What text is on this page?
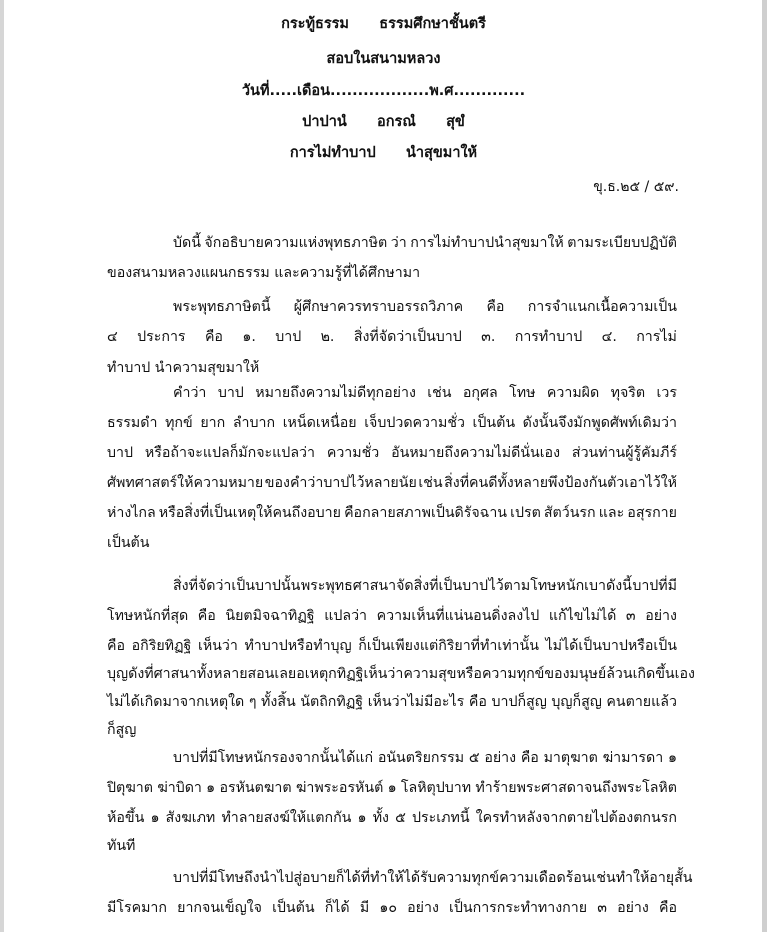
กระทู้ธรรม      ธรรมศึกษาชั้นตรี
สอบในสนามหลวง
วันที่.....เดือน..................พ.ศ.............
ปาปานํ      อกรณํ      สุขํ
การไม่ทำบาป      นำสุขมาให้
ขุ.ธ.๒๕ / ๕๙.
บัดนี้ จักอธิบายความแห่งพุทธภาษิต ว่า การไม่ทำบาปนำสุขมาให้ ตามระเบียบปฏิบัติ
ของสนามหลวงแผนกธรรม และความรู้ที่ได้ศึกษามา
พระพุทธภาษิตนี้ ผู้ศึกษาควรทราบอรรถวิภาค คือ การจำแนกเนื้อความเป็น
๔ ประการ คือ ๑. บาป ๒. สิ่งที่จัดว่าเป็นบาป ๓. การทำบาป ๔. การไม่
ทำบาป นำความสุขมาให้
คำว่า บาป หมายถึงความไม่ดีทุกอย่าง เช่น อกุศล โทษ ความผิด ทุจริต เวร
ธรรมดำ ทุกข์ ยาก ลำบาก เหน็ดเหนื่อย เจ็บปวดความชั่ว เป็นต้น ดังนั้นจึงมักพูดศัพท์เดิมว่า
บาป หรือถ้าจะแปลก็มักจะแปลว่า ความชั่ว อันหมายถึงความไม่ดีนั่นเอง ส่วนท่านผู้รู้คัมภีร์
ศัพทศาสตร์ให้ความหมาย ของคำว่าบาปไว้หลายนัย เช่น สิ่งที่คนดีทั้งหลายพึงป้องกันตัวเอาไว้ให้
ห่างไกล หรือสิ่งที่เป็นเหตุให้คนถึงอบาย คือกลายสภาพเป็นดิรัจฉาน เปรต สัตว์นรก และ อสุรกาย
เป็นต้น
สิ่งที่จัดว่าเป็นบาปนั้น พระพุทธศาสนาจัดสิ่งที่เป็นบาป ไว้ตามโทษหนักเบาดังนี้ บาปที่มี
โทษหนักที่สุด คือ นิยตมิจฉาทิฏฐิ แปลว่า ความเห็นที่แน่นอนดิ่งลงไป แก้ไขไม่ได้ ๓ อย่าง
คือ อกิริยทิฏฐิ เห็นว่า ทำบาปหรือทำบุญ ก็เป็นเพียงแต่กิริยาที่ทำเท่านั้น ไม่ได้เป็นบาปหรือเป็น
บุญ ดังที่ศาสนาทั้งหลายสอนเลย อเหตุกทิฏฐิ เห็นว่าความสุขหรือความทุกข์ของมนุษย์ล้วนเกิดขึ้นเอง
ไม่ได้เกิดมาจากเหตุใด ๆ ทั้งสิ้น นัตถิกทิฏฐิ เห็นว่าไม่มีอะไร คือ บาปก็สูญ บุญก็สูญ คนตายแล้ว
ก็สูญ
บาปที่มีโทษหนักรองจากนั้นได้แก่ อนันตริยกรรม ๕ อย่าง คือ มาตุฆาต ฆ่ามารดา ๑
ปิตุฆาต ฆ่าบิดา ๑ อรหันตฆาต ฆ่าพระอรหันต์ ๑ โลหิตุปบาท ทำร้ายพระศาสดาจนถึงพระโลหิต
ห้อขึ้น ๑ สังฆเภท ทำลายสงฆ์ให้แตกกัน ๑ ทั้ง ๕ ประเภทนี้ ใครทำหลังจากตายไปต้องตกนรก
ทันที
บาปที่มีโทษถึงนำไปสู่อบายก็ได้ ที่ทำให้ได้รับความทุกข์ความเดือดร้อน เช่น ทำให้อายุสั้น
มีโรคมาก ยากจนเข็ญใจ เป็นต้น ก็ได้ มี ๑๐ อย่าง เป็นการกระทำทางกาย ๓ อย่าง คือ
